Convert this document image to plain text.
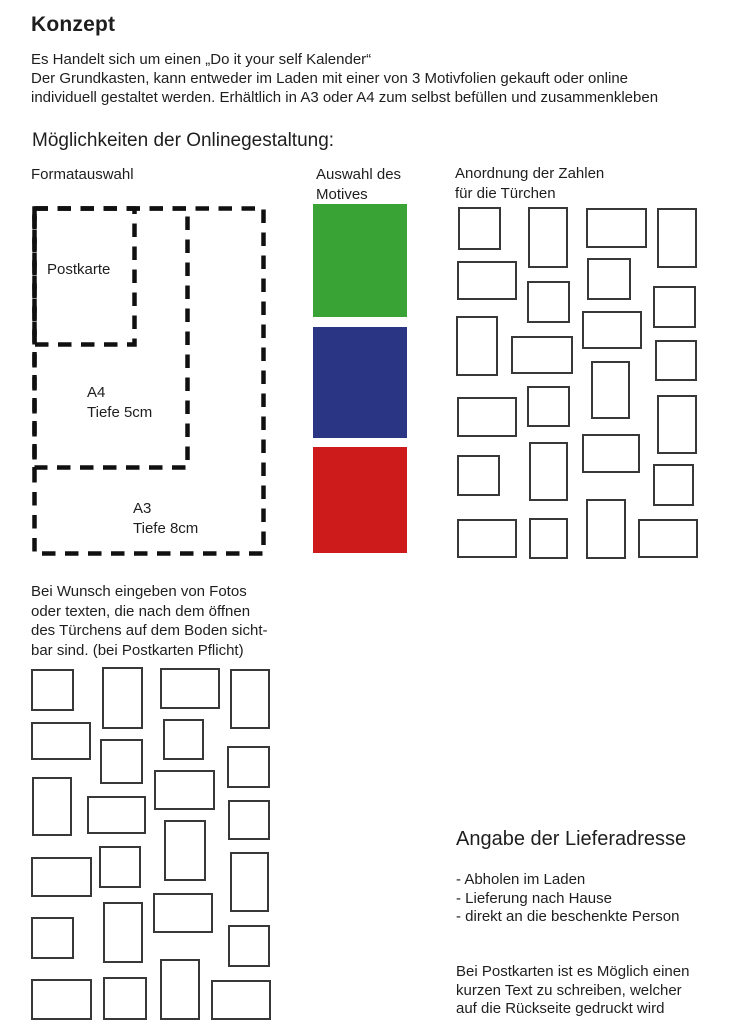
Konzept
Es Handelt sich um einen „Do it your self Kalender“
Der Grundkasten, kann entweder im Laden mit einer von 3 Motivfolien gekauft oder online
individuell gestaltet werden. Erhältlich in A3 oder A4 zum selbst befüllen und zusammenkleben
Möglichkeiten der Onlinegestaltung:
Formatauswahl
Postkarte
A4
Tiefe 5cm
A3
Tiefe 8cm
Auswahl des
Motives
Anordnung der Zahlen
für die Türchen
Bei Wunsch eingeben von Fotos
oder texten, die nach dem öffnen
des Türchens auf dem Boden sicht-
bar sind. (bei Postkarten Pflicht)
Angabe der Lieferadresse
- Abholen im Laden
- Lieferung nach Hause
- direkt an die beschenkte Person
Bei Postkarten ist es Möglich einen
kurzen Text zu schreiben, welcher
auf die Rückseite gedruckt wird
